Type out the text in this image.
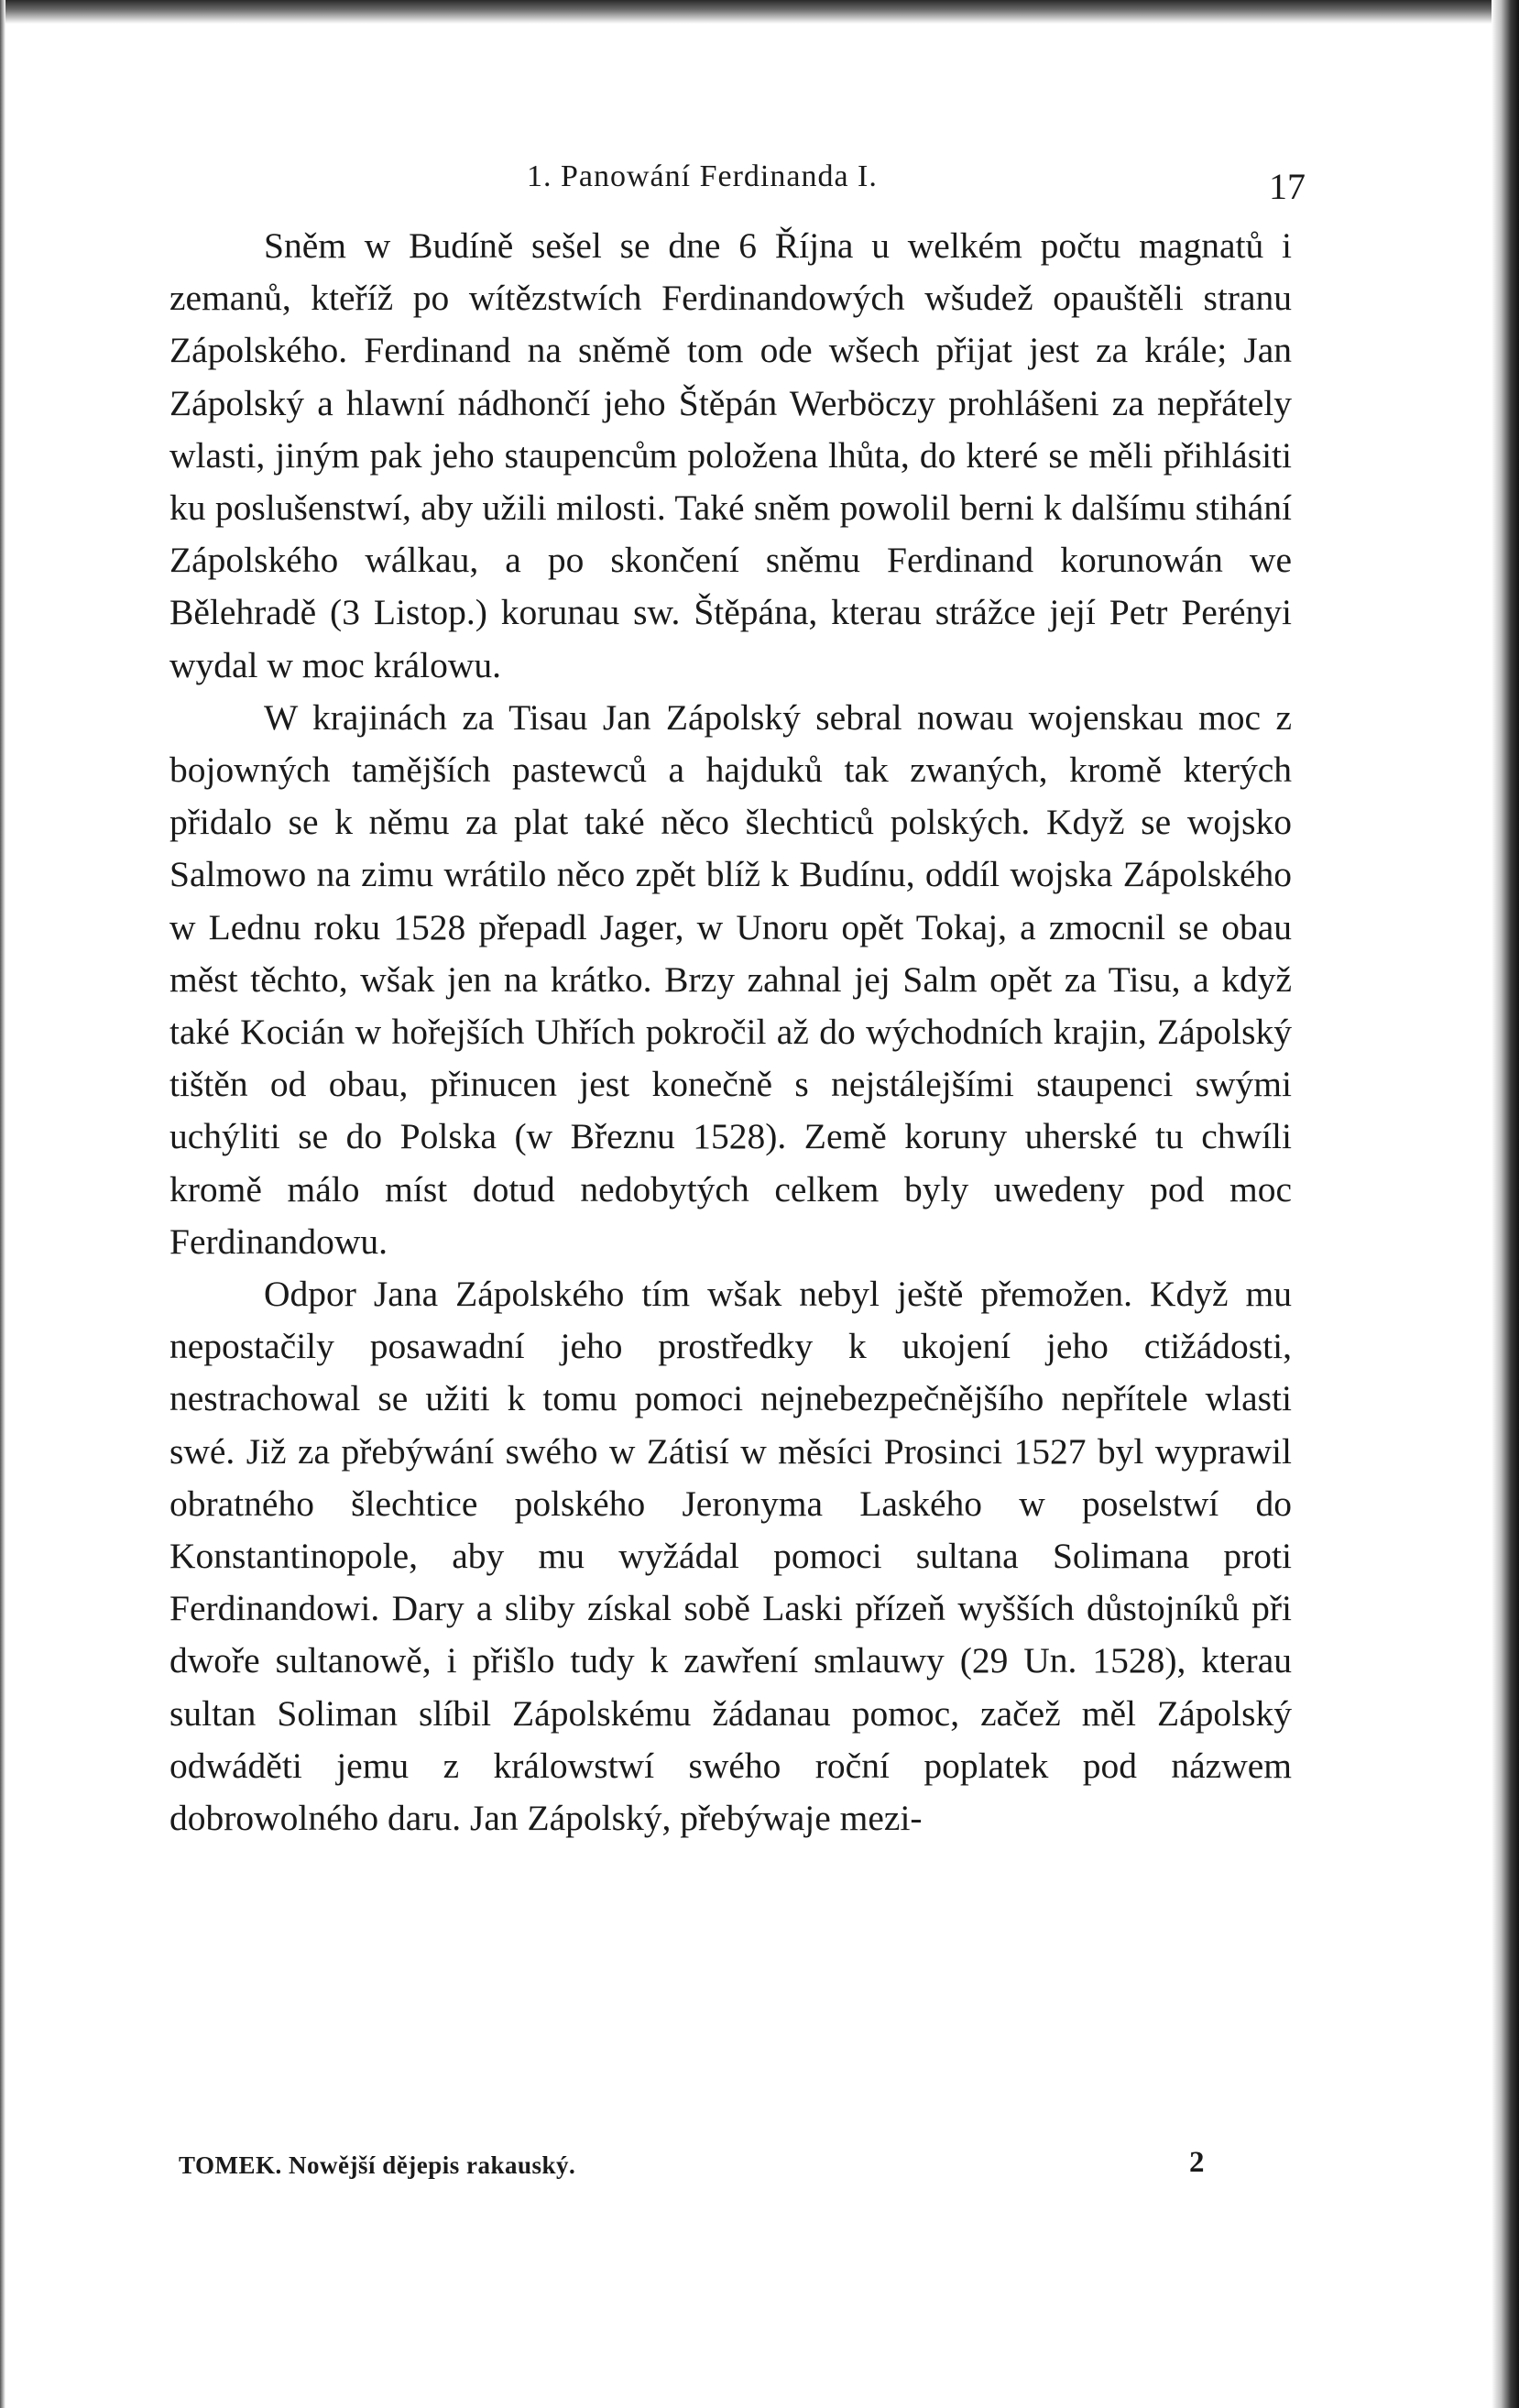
1. Panowání Ferdinanda I.	17

Sněm w Budíně sešel se dne 6 Října u welkém počtu magnatů i zemanů, kteříž po wítězstwích Ferdinandowých wšudež opauštěli stranu Zápolského. Ferdinand na sněmě tom ode wšech přijat jest za krále; Jan Zápolský a hlawní nádhončí jeho Štěpán Werböczy prohlášeni za nepřátely wlasti, jiným pak jeho staupencům položena lhůta, do které se měli přihlásiti ku poslušenstwí, aby užili milosti. Také sněm powolil berni k dalšímu stihání Zápolského wálkau, a po skončení sněmu Ferdinand korunowán we Bělehradě (3 Listop.) korunau sw. Štěpána, kterau strážce její Petr Perényi wydal w moc králowu.

W krajinách za Tisau Jan Zápolský sebral nowau wojenskau moc z bojowných tamějších pastewců a hajduků tak zwaných, kromě kterých přidalo se k němu za plat také něco šlechticů polských. Když se wojsko Salmowo na zimu wrátilo něco zpět blíž k Budínu, oddíl wojska Zápolského w Lednu roku 1528 přepadl Jager, w Unoru opět Tokaj, a zmocnil se obau měst těchto, wšak jen na krátko. Brzy zahnal jej Salm opět za Tisu, a když také Kocián w hořejších Uhřích pokročil až do wýchodních krajin, Zápolský tištěn od obau, přinucen jest konečně s nejstálejšími staupenci swými uchýliti se do Polska (w Březnu 1528). Země koruny uherské tu chwíli kromě málo míst dotud nedobytých celkem byly uwedeny pod moc Ferdinandowu.

Odpor Jana Zápolského tím wšak nebyl ještě přemožen. Když mu nepostačily posawadní jeho prostředky k ukojení jeho ctižádosti, nestrachowal se užiti k tomu pomoci nejnebezpečnějšího nepřítele wlasti swé. Již za přebýwání swého w Zátisí w měsíci Prosinci 1527 byl wyprawil obratného šlechtice polského Jeronyma Laského w poselstwí do Konstantinopole, aby mu wyžádal pomoci sultana Solimana proti Ferdinandowi. Dary a sliby získal sobě Laski přízeň wyšších důstojníků při dwoře sultanowě, i přišlo tudy k zawření smlauwy (29 Un. 1528), kterau sultan Soliman slíbil Zápolskému žádanau pomoc, začež měl Zápolský odwáděti jemu z králowstwí swého roční poplatek pod názwem dobrowolného daru. Jan Zápolský, přebýwaje mezi-

TOMEK. Nowější dějepis rakauský.	2
